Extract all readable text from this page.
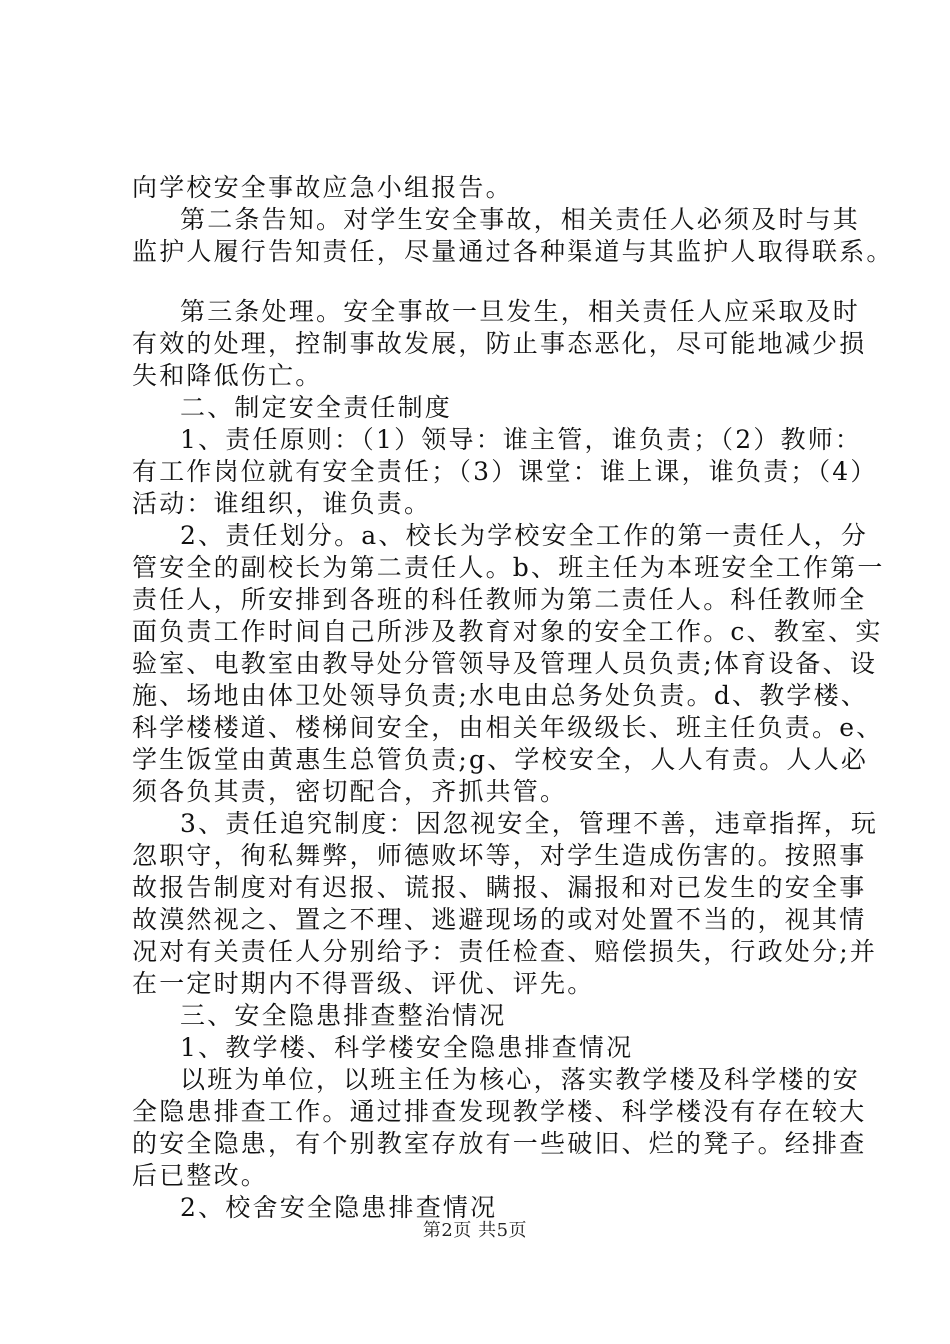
向学校安全事故应急小组报告。
第二条告知。对学生安全事故，相关责任人必须及时与其
监护人履行告知责任，尽量通过各种渠道与其监护人取得联系。
第三条处理。安全事故一旦发生，相关责任人应采取及时
有效的处理，控制事故发展，防止事态恶化，尽可能地减少损
失和降低伤亡。
二、制定安全责任制度
1、责任原则：（1）领导：谁主管，谁负责；（2）教师：
有工作岗位就有安全责任；（3）课堂：谁上课，谁负责；（4）
活动：谁组织，谁负责。
2、责任划分。a、校长为学校安全工作的第一责任人，分
管安全的副校长为第二责任人。b、班主任为本班安全工作第一
责任人，所安排到各班的科任教师为第二责任人。科任教师全
面负责工作时间自己所涉及教育对象的安全工作。c、教室、实
验室、电教室由教导处分管领导及管理人员负责;体育设备、设
施、场地由体卫处领导负责;水电由总务处负责。d、教学楼、
科学楼楼道、楼梯间安全，由相关年级级长、班主任负责。e、
学生饭堂由黄惠生总管负责;g、学校安全，人人有责。人人必
须各负其责，密切配合，齐抓共管。
3、责任追究制度：因忽视安全，管理不善，违章指挥，玩
忽职守，徇私舞弊，师德败坏等，对学生造成伤害的。按照事
故报告制度对有迟报、谎报、瞒报、漏报和对已发生的安全事
故漠然视之、置之不理、逃避现场的或对处置不当的，视其情
况对有关责任人分别给予：责任检查、赔偿损失，行政处分;并
在一定时期内不得晋级、评优、评先。
三、安全隐患排查整治情况
1、教学楼、科学楼安全隐患排查情况
以班为单位，以班主任为核心，落实教学楼及科学楼的安
全隐患排查工作。通过排查发现教学楼、科学楼没有存在较大
的安全隐患，有个别教室存放有一些破旧、烂的凳子。经排查
后已整改。
2、校舍安全隐患排查情况
第2页 共5页
